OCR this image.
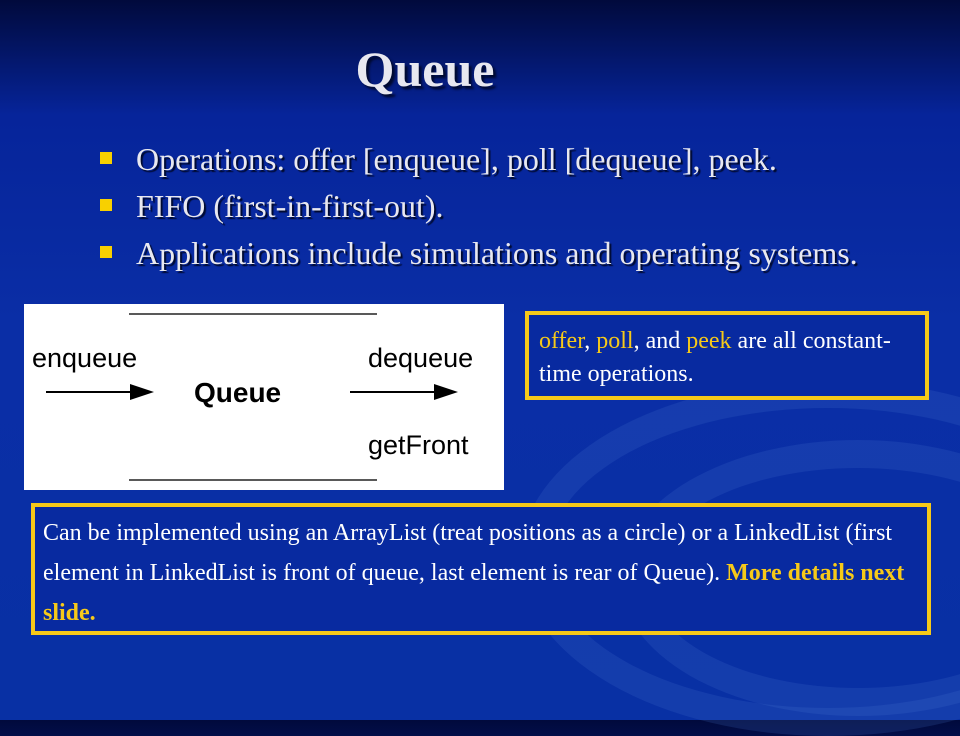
Queue
Operations: offer [enqueue], poll [dequeue], peek.
FIFO (first-in-first-out).
Applications include simulations and operating systems.
enqueue
Queue
dequeue
getFront
offer, poll, and peek are all constant-time operations.
Can be implemented using an ArrayList (treat positions as a circle) or a LinkedList (first element in LinkedList is front of queue, last element is rear of Queue). More details next slide.
